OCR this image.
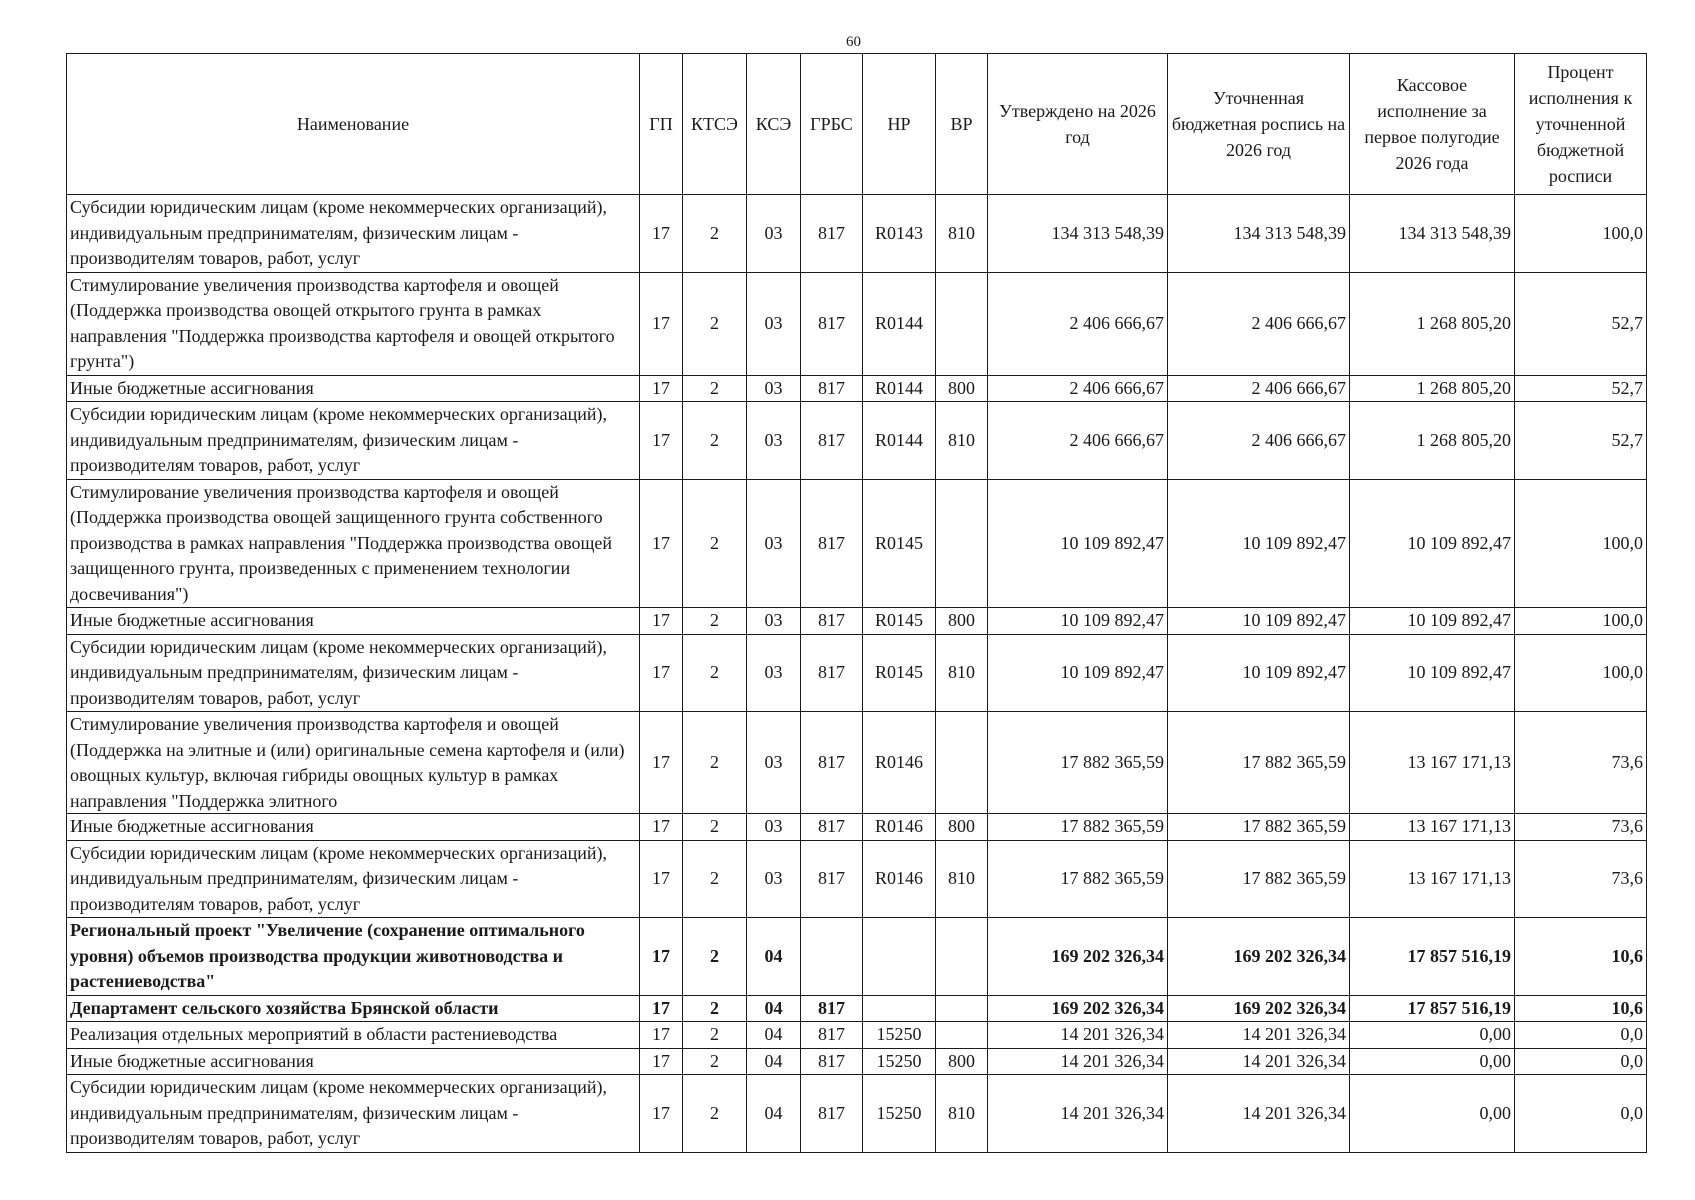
60
Наименование	ГП	КТСЭ	КСЭ	ГРБС	НР	ВР	Утверждено на 2026 год	Уточненная бюджетная роспись на 2026 год	Кассовое исполнение за первое полугодие 2026 года	Процент исполнения к уточненной бюджетной росписи
Субсидии юридическим лицам (кроме некоммерческих организаций), индивидуальным предпринимателям, физическим лицам - производителям товаров, работ, услуг	17	2	03	817	R0143	810	134 313 548,39	134 313 548,39	134 313 548,39	100,0
Стимулирование увеличения производства картофеля и овощей (Поддержка производства овощей открытого грунта в рамках направления "Поддержка производства картофеля и овощей открытого грунта")	17	2	03	817	R0144		2 406 666,67	2 406 666,67	1 268 805,20	52,7
Иные бюджетные ассигнования	17	2	03	817	R0144	800	2 406 666,67	2 406 666,67	1 268 805,20	52,7
Субсидии юридическим лицам (кроме некоммерческих организаций), индивидуальным предпринимателям, физическим лицам - производителям товаров, работ, услуг	17	2	03	817	R0144	810	2 406 666,67	2 406 666,67	1 268 805,20	52,7
Стимулирование увеличения производства картофеля и овощей (Поддержка производства овощей защищенного грунта собственного производства в рамках направления "Поддержка производства овощей защищенного грунта, произведенных с применением технологии досвечивания")	17	2	03	817	R0145		10 109 892,47	10 109 892,47	10 109 892,47	100,0
Иные бюджетные ассигнования	17	2	03	817	R0145	800	10 109 892,47	10 109 892,47	10 109 892,47	100,0
Субсидии юридическим лицам (кроме некоммерческих организаций), индивидуальным предпринимателям, физическим лицам - производителям товаров, работ, услуг	17	2	03	817	R0145	810	10 109 892,47	10 109 892,47	10 109 892,47	100,0

Стимулирование увеличения производства картофеля и овощей (Поддержка на элитные и (или) оригинальные семена картофеля и (или) овощных культур, включая гибриды овощных культур в рамках направления "Поддержка элитного	17	2	03	817	R0146		17 882 365,59	17 882 365,59	13 167 171,13	73,6
Иные бюджетные ассигнования	17	2	03	817	R0146	800	17 882 365,59	17 882 365,59	13 167 171,13	73,6
Субсидии юридическим лицам (кроме некоммерческих организаций), индивидуальным предпринимателям, физическим лицам - производителям товаров, работ, услуг	17	2	03	817	R0146	810	17 882 365,59	17 882 365,59	13 167 171,13	73,6
Региональный проект "Увеличение (сохранение оптимального уровня) объемов производства продукции животноводства и растениеводства"	17	2	04				169 202 326,34	169 202 326,34	17 857 516,19	10,6
Департамент сельского хозяйства Брянской области	17	2	04	817			169 202 326,34	169 202 326,34	17 857 516,19	10,6
Реализация отдельных мероприятий в области растениеводства	17	2	04	817	15250		14 201 326,34	14 201 326,34	0,00	0,0
Иные бюджетные ассигнования	17	2	04	817	15250	800	14 201 326,34	14 201 326,34	0,00	0,0
Субсидии юридическим лицам (кроме некоммерческих организаций), индивидуальным предпринимателям, физическим лицам - производителям товаров, работ, услуг	17	2	04	817	15250	810	14 201 326,34	14 201 326,34	0,00	0,0
